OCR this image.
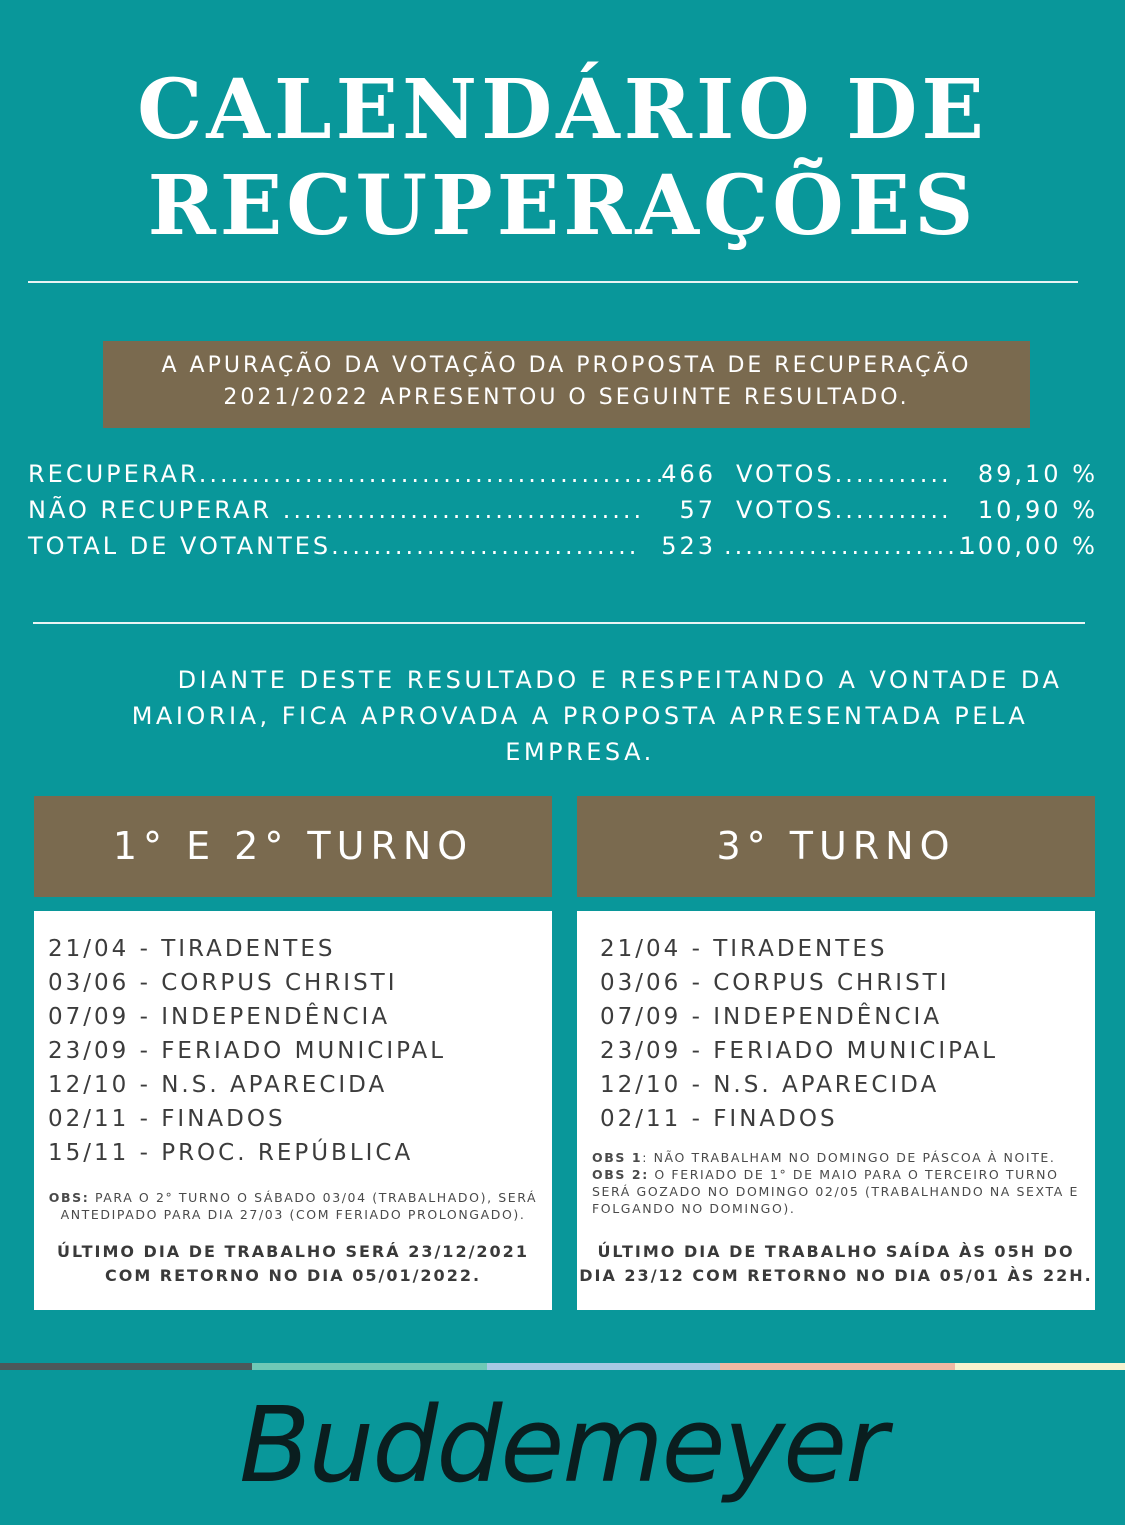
CALENDÁRIO DE
RECUPERAÇÕES
A APURAÇÃO DA VOTAÇÃO DA PROPOSTA DE RECUPERAÇÃO
2021/2022 APRESENTOU O SEGUINTE RESULTADO.
RECUPERAR............................................
466 VOTOS........... 89,10 %
NÃO RECUPERAR .................................. 57 VOTOS........... 10,90 %
TOTAL DE VOTANTES............................. 523 ........................
100,00 %
DIANTE DESTE RESULTADO E RESPEITANDO A VONTADE DA
MAIORIA, FICA APROVADA A PROPOSTA APRESENTADA PELA
EMPRESA.
1° E 2° TURNO	3° TURNO
21/04 - TIRADENTES
03/06 - CORPUS CHRISTI
07/09 - INDEPENDÊNCIA
23/09 - FERIADO MUNICIPAL
12/10 - N.S. APARECIDA
02/11 - FINADOS
15/11 - PROC. REPÚBLICA
OBS: PARA O 2° TURNO O SÁBADO 03/04 (TRABALHADO), SERÁ ANTEDIPADO PARA DIA 27/03 (COM FERIADO PROLONGADO).
ÚLTIMO DIA DE TRABALHO SERÁ 23/12/2021
COM RETORNO NO DIA 05/01/2022.
21/04 - TIRADENTES
03/06 - CORPUS CHRISTI
07/09 - INDEPENDÊNCIA
23/09 - FERIADO MUNICIPAL
12/10 - N.S. APARECIDA
02/11 - FINADOS
OBS 1: NÃO TRABALHAM NO DOMINGO DE PÁSCOA À NOITE.
OBS 2: O FERIADO DE 1° DE MAIO PARA O TERCEIRO TURNO SERÁ GOZADO NO DOMINGO 02/05 (TRABALHANDO NA SEXTA E FOLGANDO NO DOMINGO).
ÚLTIMO DIA DE TRABALHO SAÍDA ÀS 05H DO
DIA 23/12 COM RETORNO NO DIA 05/01 ÀS 22H.
Buddemeyer
